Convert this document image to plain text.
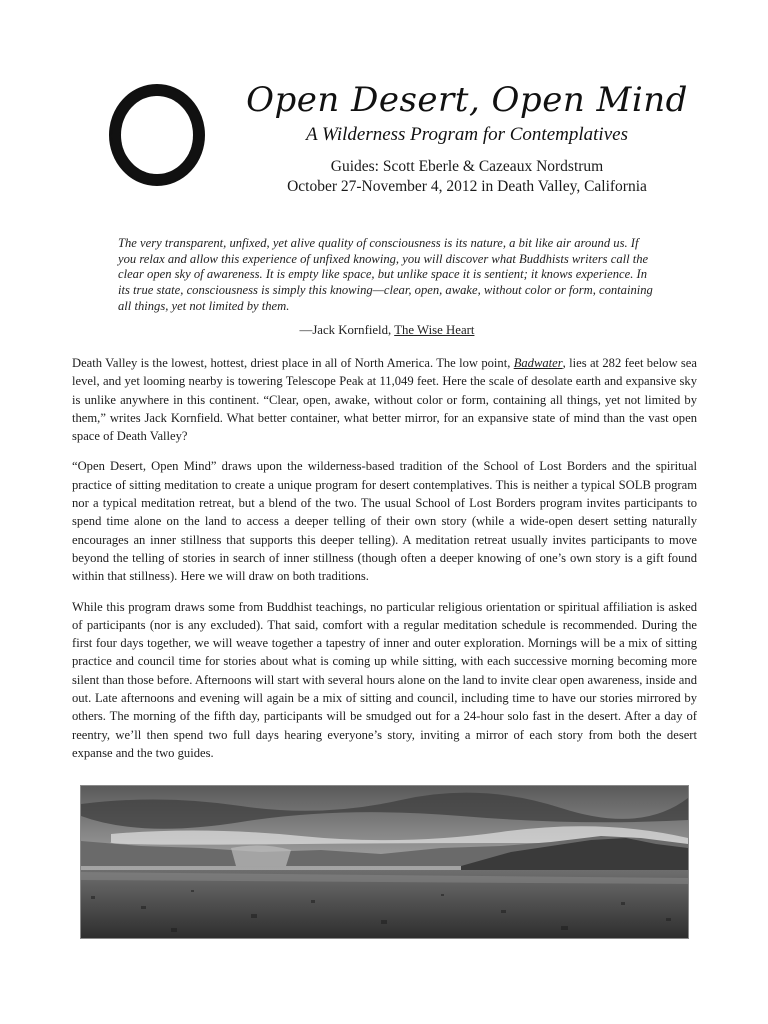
Open Desert, Open Mind
A Wilderness Program for Contemplatives
Guides: Scott Eberle & Cazeaux Nordstrum
October 27-November 4, 2012 in Death Valley, California

The very transparent, unfixed, yet alive quality of consciousness is its nature, a bit like air around us. If you relax and allow this experience of unfixed knowing, you will discover what Buddhists writers call the clear open sky of awareness. It is empty like space, but unlike space it is sentient; it knows experience. In its true state, consciousness is simply this knowing—clear, open, awake, without color or form, containing all things, yet not limited by them.

—Jack Kornfield, The Wise Heart

Death Valley is the lowest, hottest, driest place in all of North America. The low point, Badwater, lies at 282 feet below sea level, and yet looming nearby is towering Telescope Peak at 11,049 feet. Here the scale of desolate earth and expansive sky is unlike anywhere in this continent. “Clear, open, awake, without color or form, containing all things, yet not limited by them,” writes Jack Kornfield. What better container, what better mirror, for an expansive state of mind than the vast open space of Death Valley?

“Open Desert, Open Mind” draws upon the wilderness-based tradition of the School of Lost Borders and the spiritual practice of sitting meditation to create a unique program for desert contemplatives. This is neither a typical SOLB program nor a typical meditation retreat, but a blend of the two. The usual School of Lost Borders program invites participants to spend time alone on the land to access a deeper telling of their own story (while a wide-open desert setting naturally encourages an inner stillness that supports this deeper telling). A meditation retreat usually invites participants to move beyond the telling of stories in search of inner stillness (though often a deeper knowing of one’s own story is a gift found within that stillness). Here we will draw on both traditions.

While this program draws some from Buddhist teachings, no particular religious orientation or spiritual affiliation is asked of participants (nor is any excluded). That said, comfort with a regular meditation schedule is recommended. During the first four days together, we will weave together a tapestry of inner and outer exploration. Mornings will be a mix of sitting practice and council time for stories about what is coming up while sitting, with each successive morning becoming more silent than those before. Afternoons will start with several hours alone on the land to invite clear open awareness, inside and out. Late afternoons and evening will again be a mix of sitting and council, including time to have our stories mirrored by others. The morning of the fifth day, participants will be smudged out for a 24-hour solo fast in the desert. After a day of reentry, we’ll then spend two full days hearing everyone’s story, inviting a mirror of each story from both the desert expanse and the two guides.
